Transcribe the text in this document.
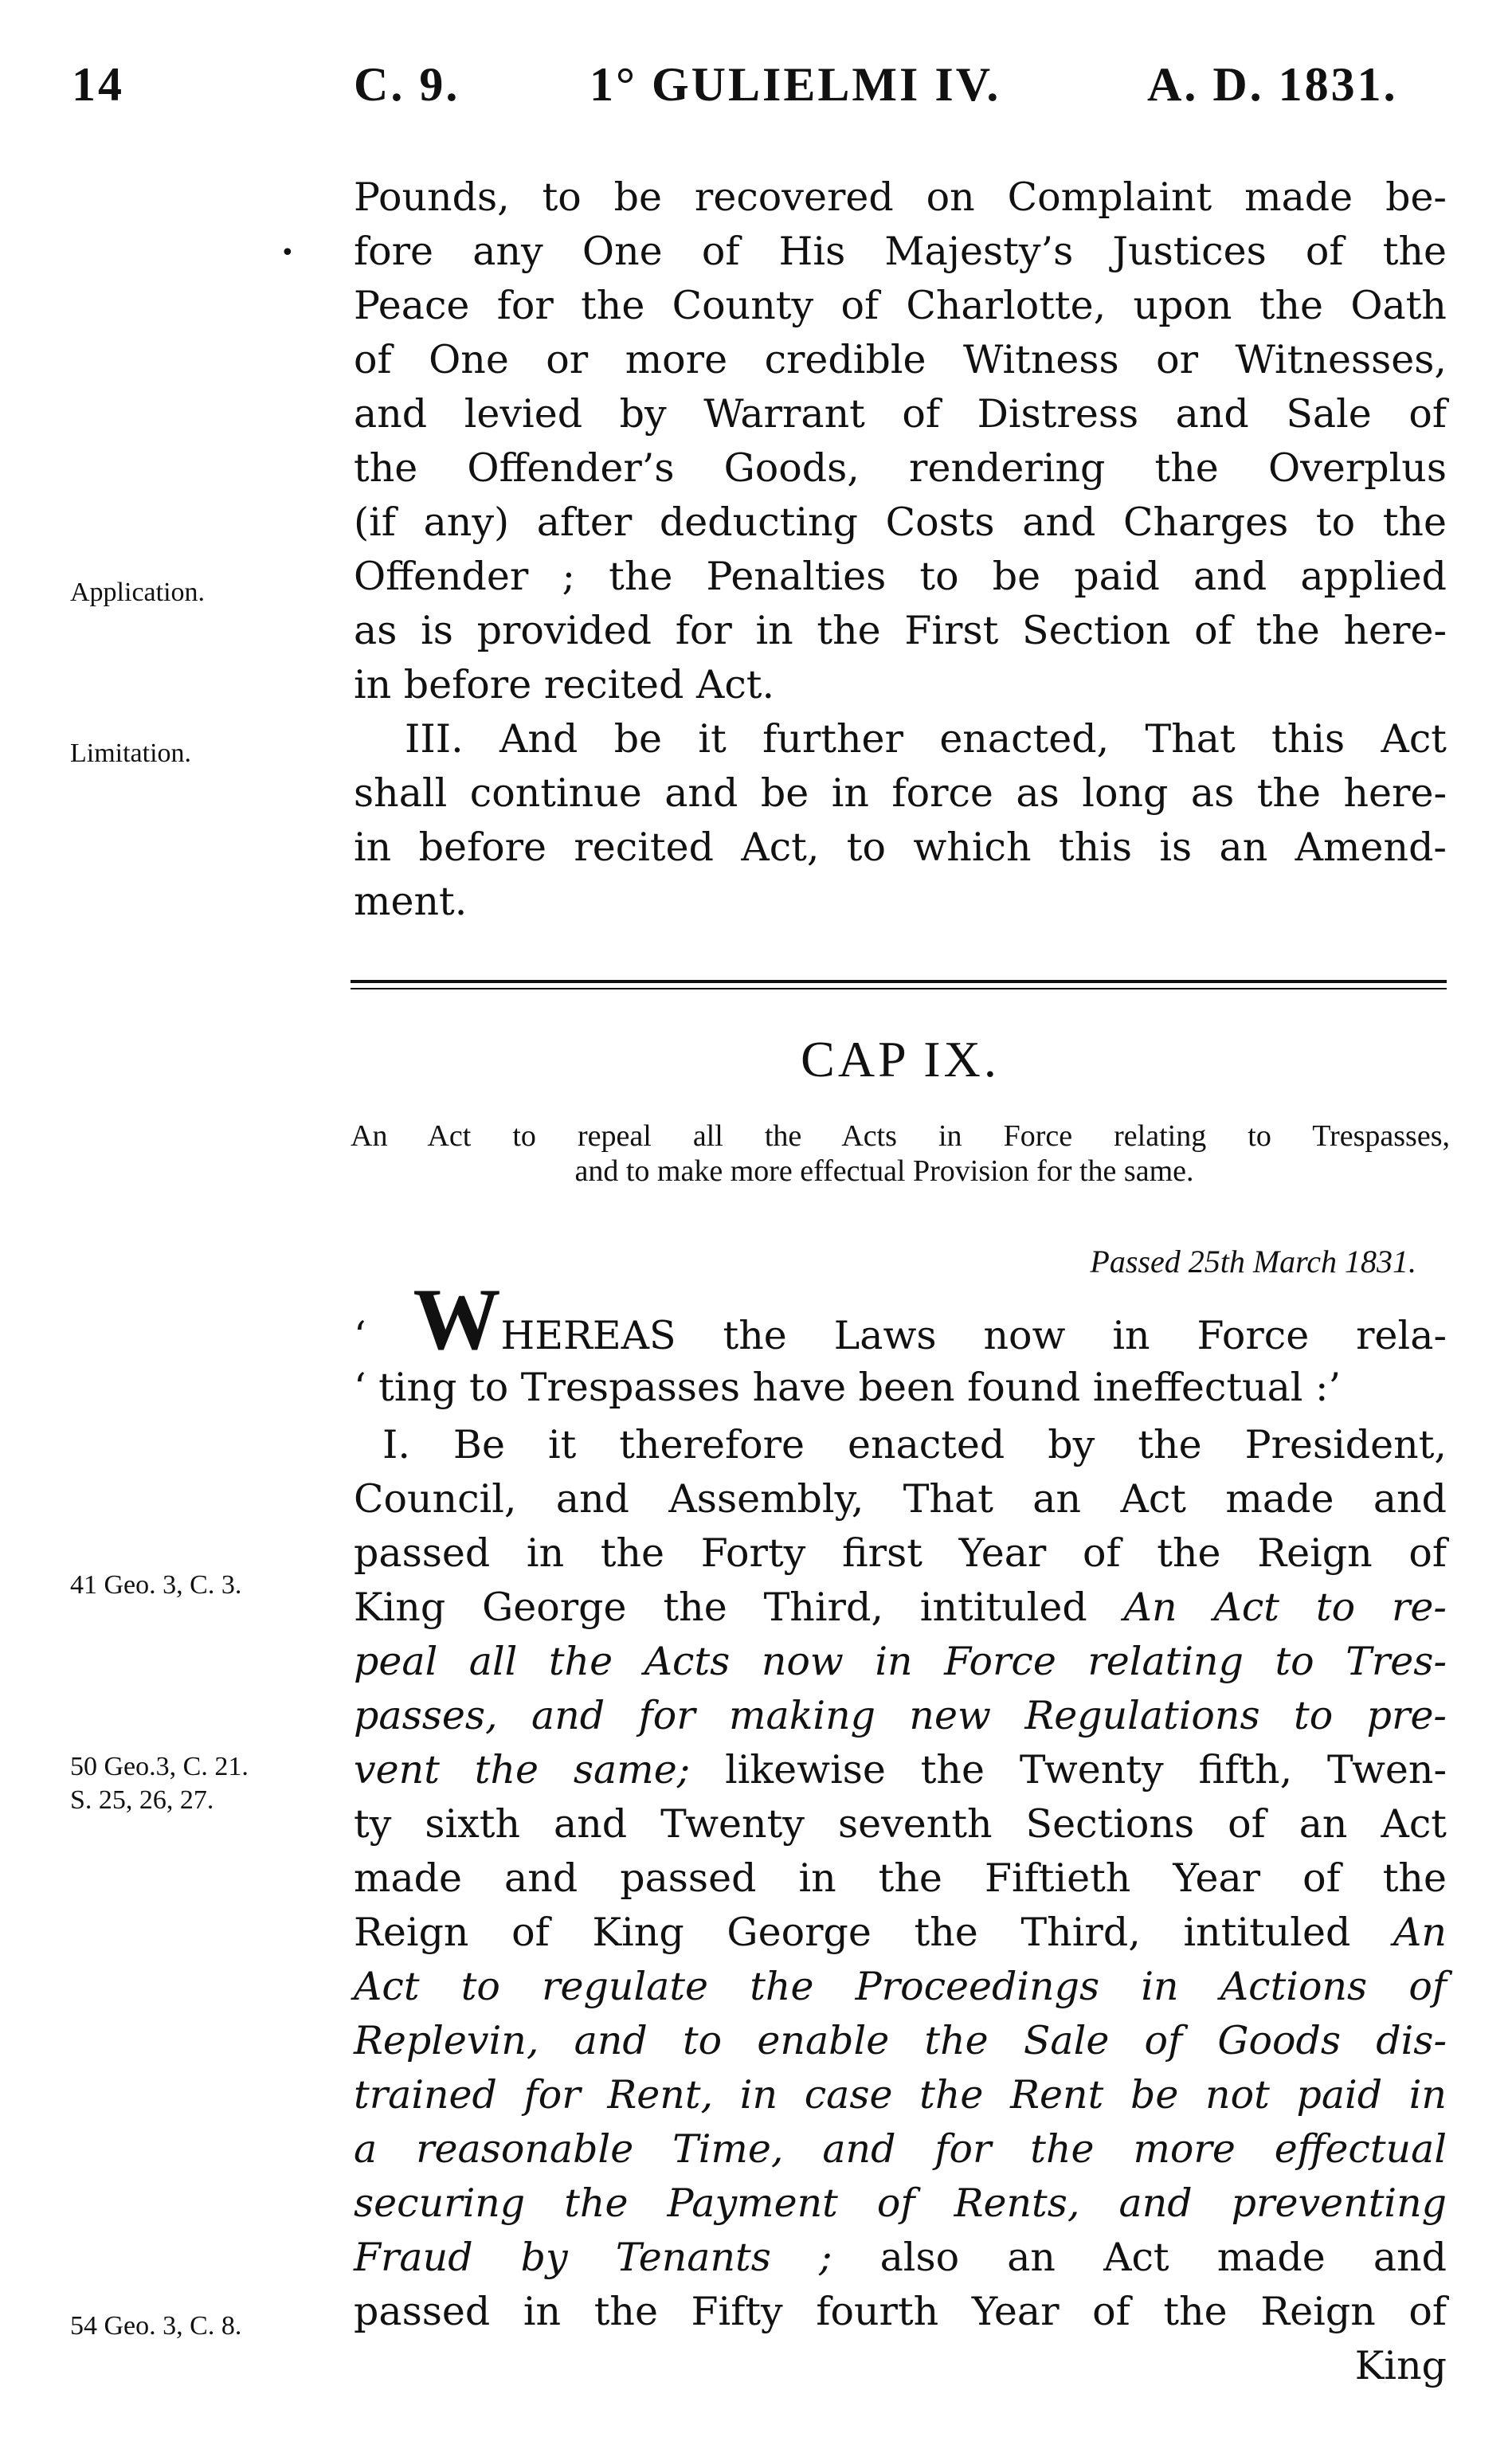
14	C. 9.	1° GULIELMI IV.	A. D. 1831.
•
Pounds, to be recovered on Complaint made be-
fore any One of His Majesty’s Justices of the
Peace for the County of Charlotte, upon the Oath
of One or more credible Witness or Witnesses,
and levied by Warrant of Distress and Sale of
the Offender’s Goods, rendering the Overplus
(if any) after deducting Costs and Charges to the
Offender ; the Penalties to be paid and applied
as is provided for in the First Section of the here-
in before recited Act.
Application.
Limitation.	III. And be it further enacted, That this Act
shall continue and be in force as long as the here-
in before recited Act, to which this is an Amend-
ment.
CAP IX.
An Act to repeal all the Acts in Force relating to Trespasses,
and to make more effectual Provision for the same.
Passed 25th March 1831.
‘ WHEREAS the Laws now in Force rela-
‘ ting to Trespasses have been found ineffectual :’
I. Be it therefore enacted by the President,
Council, and Assembly, That an Act made and
passed in the Forty first Year of the Reign of
King George the Third, intituled An Act to re-
peal all the Acts now in Force relating to Tres-
passes, and for making new Regulations to pre-
vent the same; likewise the Twenty fifth, Twen-
ty sixth and Twenty seventh Sections of an Act
made and passed in the Fiftieth Year of the
Reign of King George the Third, intituled An
Act to regulate the Proceedings in Actions of
Replevin, and to enable the Sale of Goods dis-
trained for Rent, in case the Rent be not paid in
a reasonable Time, and for the more effectual
securing the Payment of Rents, and preventing
Fraud by Tenants ; also an Act made and
passed in the Fifty fourth Year of the Reign of
King
41 Geo. 3, C. 3.
50 Geo.3, C. 21.
S. 25, 26, 27.
54 Geo. 3, C. 8.
